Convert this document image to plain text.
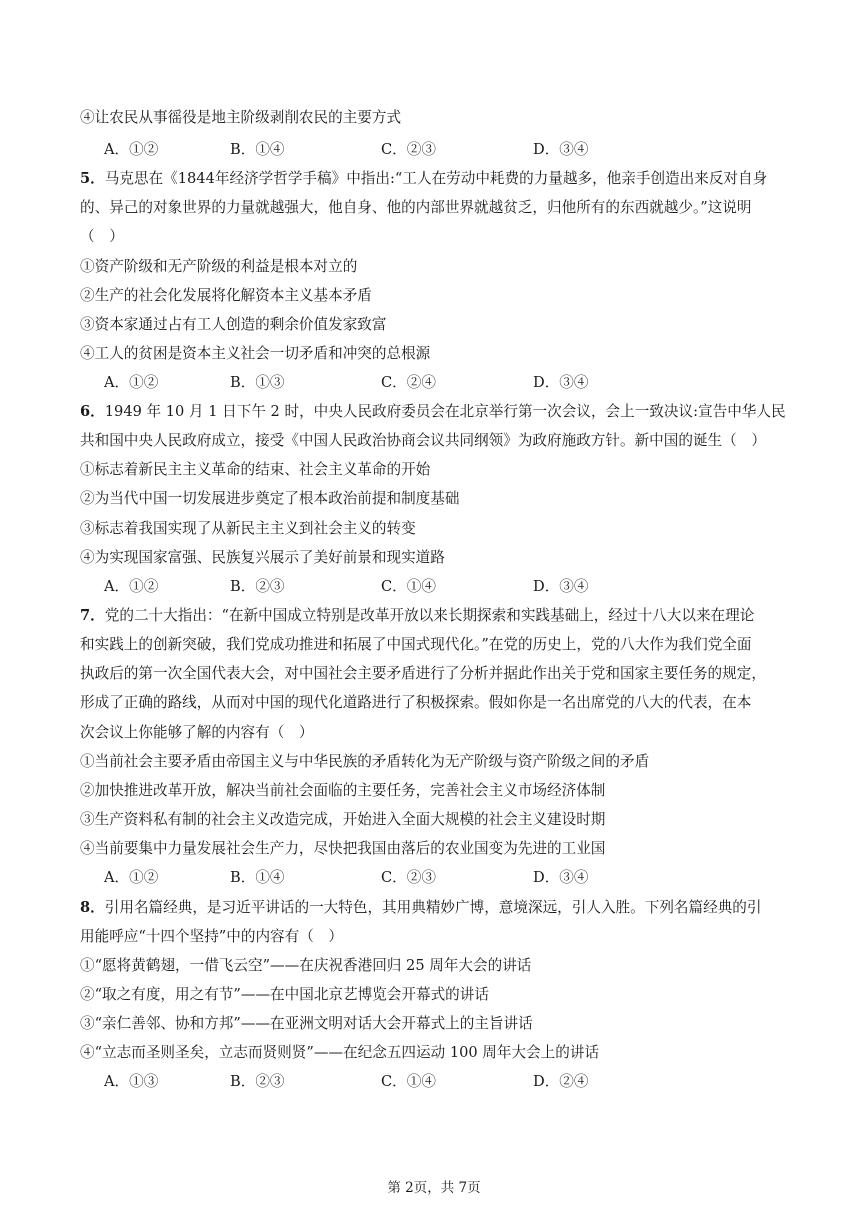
④让农民从事徭役是地主阶级剥削农民的主要方式
A．①②	B．①④	C．②③	D．③④
5．马克思在《1844年经济学哲学手稿》中指出:“工人在劳动中耗费的力量越多，他亲手创造出来反对自身
的、异己的对象世界的力量就越强大，他自身、他的内部世界就越贫乏，归他所有的东西就越少。”这说明
（　）
①资产阶级和无产阶级的利益是根本对立的
②生产的社会化发展将化解资本主义基本矛盾
③资本家通过占有工人创造的剩余价值发家致富
④工人的贫困是资本主义社会一切矛盾和冲突的总根源
A．①②	B．①③	C．②④	D．③④
6．1949 年 10 月 1 日下午 2 时，中央人民政府委员会在北京举行第一次会议，会上一致决议:宣告中华人民
共和国中央人民政府成立，接受《中国人民政治协商会议共同纲领》为政府施政方针。新中国的诞生（　）
①标志着新民主主义革命的结束、社会主义革命的开始
②为当代中国一切发展进步奠定了根本政治前提和制度基础
③标志着我国实现了从新民主主义到社会主义的转变
④为实现国家富强、民族复兴展示了美好前景和现实道路
A．①②	B．②③	C．①④	D．③④
7．党的二十大指出：“在新中国成立特别是改革开放以来长期探索和实践基础上，经过十八大以来在理论
和实践上的创新突破，我们党成功推进和拓展了中国式现代化。”在党的历史上，党的八大作为我们党全面
执政后的第一次全国代表大会，对中国社会主要矛盾进行了分析并据此作出关于党和国家主要任务的规定，
形成了正确的路线，从而对中国的现代化道路进行了积极探索。假如你是一名出席党的八大的代表，在本
次会议上你能够了解的内容有（　）
①当前社会主要矛盾由帝国主义与中华民族的矛盾转化为无产阶级与资产阶级之间的矛盾
②加快推进改革开放，解决当前社会面临的主要任务，完善社会主义市场经济体制
③生产资料私有制的社会主义改造完成，开始进入全面大规模的社会主义建设时期
④当前要集中力量发展社会生产力，尽快把我国由落后的农业国变为先进的工业国
A．①②	B．①④	C．②③	D．③④
8．引用名篇经典，是习近平讲话的一大特色，其用典精妙广博，意境深远，引人入胜。下列名篇经典的引
用能呼应“十四个坚持”中的内容有（　）
①“愿将黄鹤翅，一借飞云空”——在庆祝香港回归 25 周年大会的讲话
②“取之有度，用之有节”——在中国北京艺博览会开幕式的讲话
③“亲仁善邻、协和方邦”——在亚洲文明对话大会开幕式上的主旨讲话
④“立志而圣则圣矣，立志而贤则贤”——在纪念五四运动 100 周年大会上的讲话
A．①③	B．②③	C．①④	D．②④
第 2页，共 7页
